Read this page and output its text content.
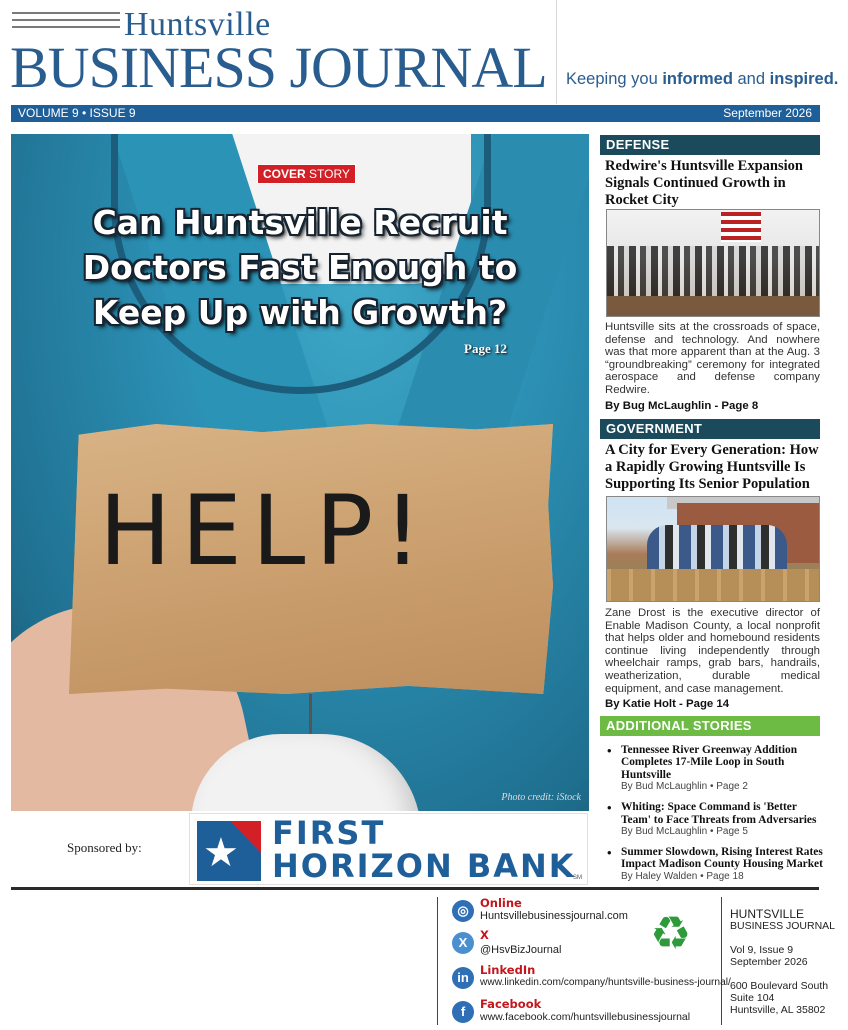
Huntsville
BUSINESS JOURNAL Keeping you informed and inspired.
VOLUME 9 • ISSUE 9	September 2026
HELP!
COVER STORY
Can Huntsville Recruit Doctors Fast Enough to Keep Up with Growth?
Page 12
Photo credit: iStock
Sponsored by: ★ FIRST
HORIZON BANK
SM
DEFENSE
Redwire's Huntsville Expansion Signals Continued Growth in Rocket City
Huntsville sits at the crossroads of space, defense and technology. And nowhere was that more apparent than at the Aug. 3 “groundbreaking” ceremony for integrated aerospace and defense company Redwire.
By Bug McLaughlin - Page 8
GOVERNMENT
A City for Every Generation: How a Rapidly Growing Huntsville Is Supporting Its Senior Population
Zane Drost is the executive director of Enable Madison County, a local nonprofit that helps older and homebound residents continue living independently through wheelchair ramps, grab bars, handrails, weatherization, durable medical equipment, and case management.
By Katie Holt - Page 14
ADDITIONAL STORIES
• Tennessee River Greenway Addition Completes 17-Mile Loop in South Huntsville
By Bud McLaughlin • Page 2
• Whiting: Space Command is 'Better Team' to Face Threats from Adversaries
By Bud McLaughlin • Page 5
• Summer Slowdown, Rising Interest Rates Impact Madison County Housing Market
By Haley Walden • Page 18
◎ Online
Huntsvillebusinessjournal.com
X	X
@HsvBizJournal
in LinkedIn
www.linkedin.com/company/huntsville-business-journal/
f	Facebook
www.facebook.com/huntsvillebusinessjournal
♻	HUNTSVILLE
BUSINESS JOURNAL
Vol 9, Issue 9
September 2026
600 Boulevard South
Suite 104
Huntsville, AL 35802
